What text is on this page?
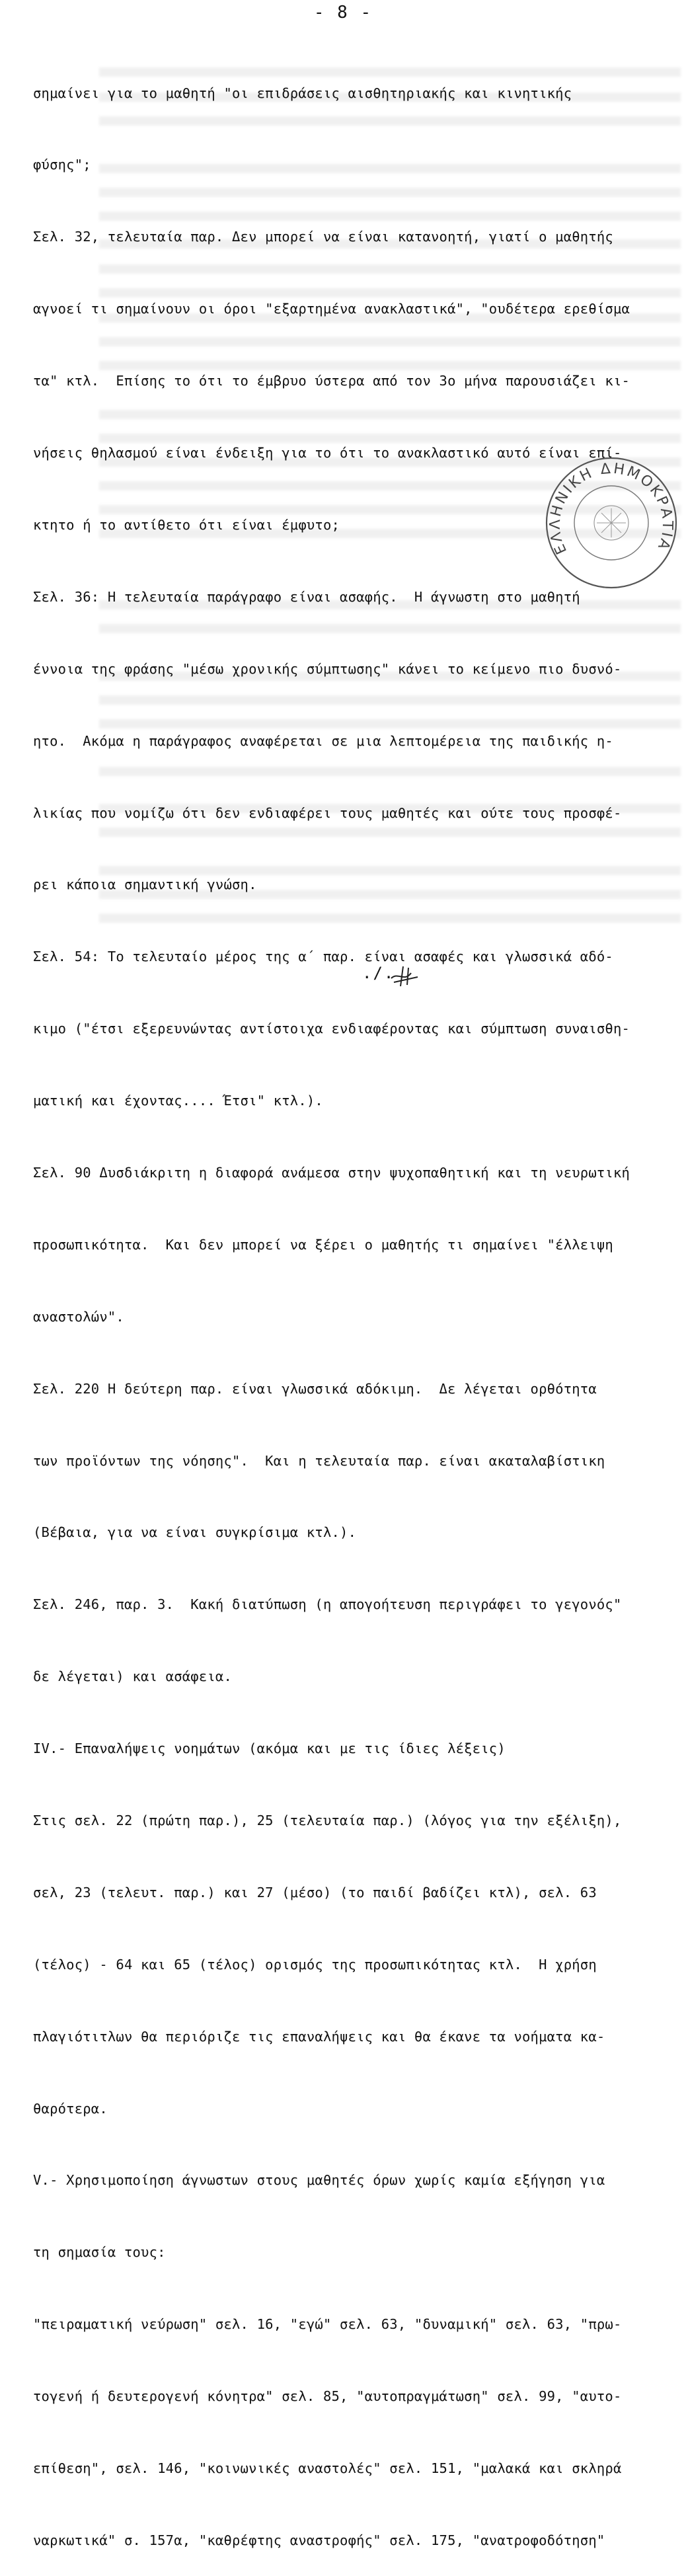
- 8 -

σημαίνει για το μαθητή "οι επιδράσεις αισθητηριακής και κινητικής

φύσης";

Σελ. 32, τελευταία παρ. Δεν μπορεί να είναι κατανοητή, γιατί ο μαθητής

αγνοεί τι σημαίνουν οι όροι "εξαρτημένα ανακλαστικά", "ουδέτερα ερεθίσμα

τα" κτλ.  Επίσης το ότι το έμβρυο ύστερα από τον 3ο μήνα παρουσιάζει κι-

νήσεις θηλασμού είναι ένδειξη για το ότι το ανακλαστικό αυτό είναι επί-

κτητο ή το αντίθετο ότι είναι έμφυτο;

Σελ. 36: Η τελευταία παράγραφο είναι ασαφής.  Η άγνωστη στο μαθητή

έννοια της φράσης "μέσω χρονικής σύμπτωσης" κάνει το κείμενο πιο δυσνό-

ητο.  Ακόμα η παράγραφος αναφέρεται σε μια λεπτομέρεια της παιδικής η-

λικίας που νομίζω ότι δεν ενδιαφέρει τους μαθητές και ούτε τους προσφέ-

ρει κάποια σημαντική γνώση.

Σελ. 54: Το τελευταίο μέρος της α΄ παρ. είναι ασαφές και γλωσσικά αδό-

κιμο ("έτσι εξερευνώντας αντίστοιχα ενδιαφέροντας και σύμπτωση συναισθη-

ματική και έχοντας.... Έτσι" κτλ.).

Σελ. 90 Δυσδιάκριτη η διαφορά ανάμεσα στην ψυχοπαθητική και τη νευρωτική

προσωπικότητα.  Και δεν μπορεί να ξέρει ο μαθητής τι σημαίνει "έλλειψη

αναστολών".

Σελ. 220 Η δεύτερη παρ. είναι γλωσσικά αδόκιμη.  Δε λέγεται ορθότητα

των προϊόντων της νόησης".  Και η τελευταία παρ. είναι ακαταλαβίστικη

(Βέβαια, για να είναι συγκρίσιμα κτλ.).

Σελ. 246, παρ. 3.  Κακή διατύπωση (η απογοήτευση περιγράφει το γεγονός"

δε λέγεται) και ασάφεια.

IV.- Επαναλήψεις νοημάτων (ακόμα και με τις ίδιες λέξεις)

Στις σελ. 22 (πρώτη παρ.), 25 (τελευταία παρ.) (λόγος για την εξέλιξη),

σελ, 23 (τελευτ. παρ.) και 27 (μέσο) (το παιδί βαδίζει κτλ), σελ. 63

(τέλος) - 64 και 65 (τέλος) ορισμός της προσωπικότητας κτλ.  Η χρήση

πλαγιότιτλων θα περιόριζε τις επαναλήψεις και θα έκανε τα νοήματα κα-

θαρότερα.

V.- Χρησιμοποίηση άγνωστων στους μαθητές όρων χωρίς καμία εξήγηση για

τη σημασία τους:

"πειραματική νεύρωση" σελ. 16, "εγώ" σελ. 63, "δυναμική" σελ. 63, "πρω-

τογενή ή δευτερογενή κόνητρα" σελ. 85, "αυτοπραγμάτωση" σελ. 99, "αυτο-

επίθεση", σελ. 146, "κοινωνικές αναστολές" σελ. 151, "μαλακά και σκληρά

ναρκωτικά" σ. 157α, "καθρέφτης αναστροφής" σελ. 175, "ανατροφοδότηση"

ΕΛΛΗΝΙΚΗ ΔΗΜΟΚΡΑΤΙΑ
./.
